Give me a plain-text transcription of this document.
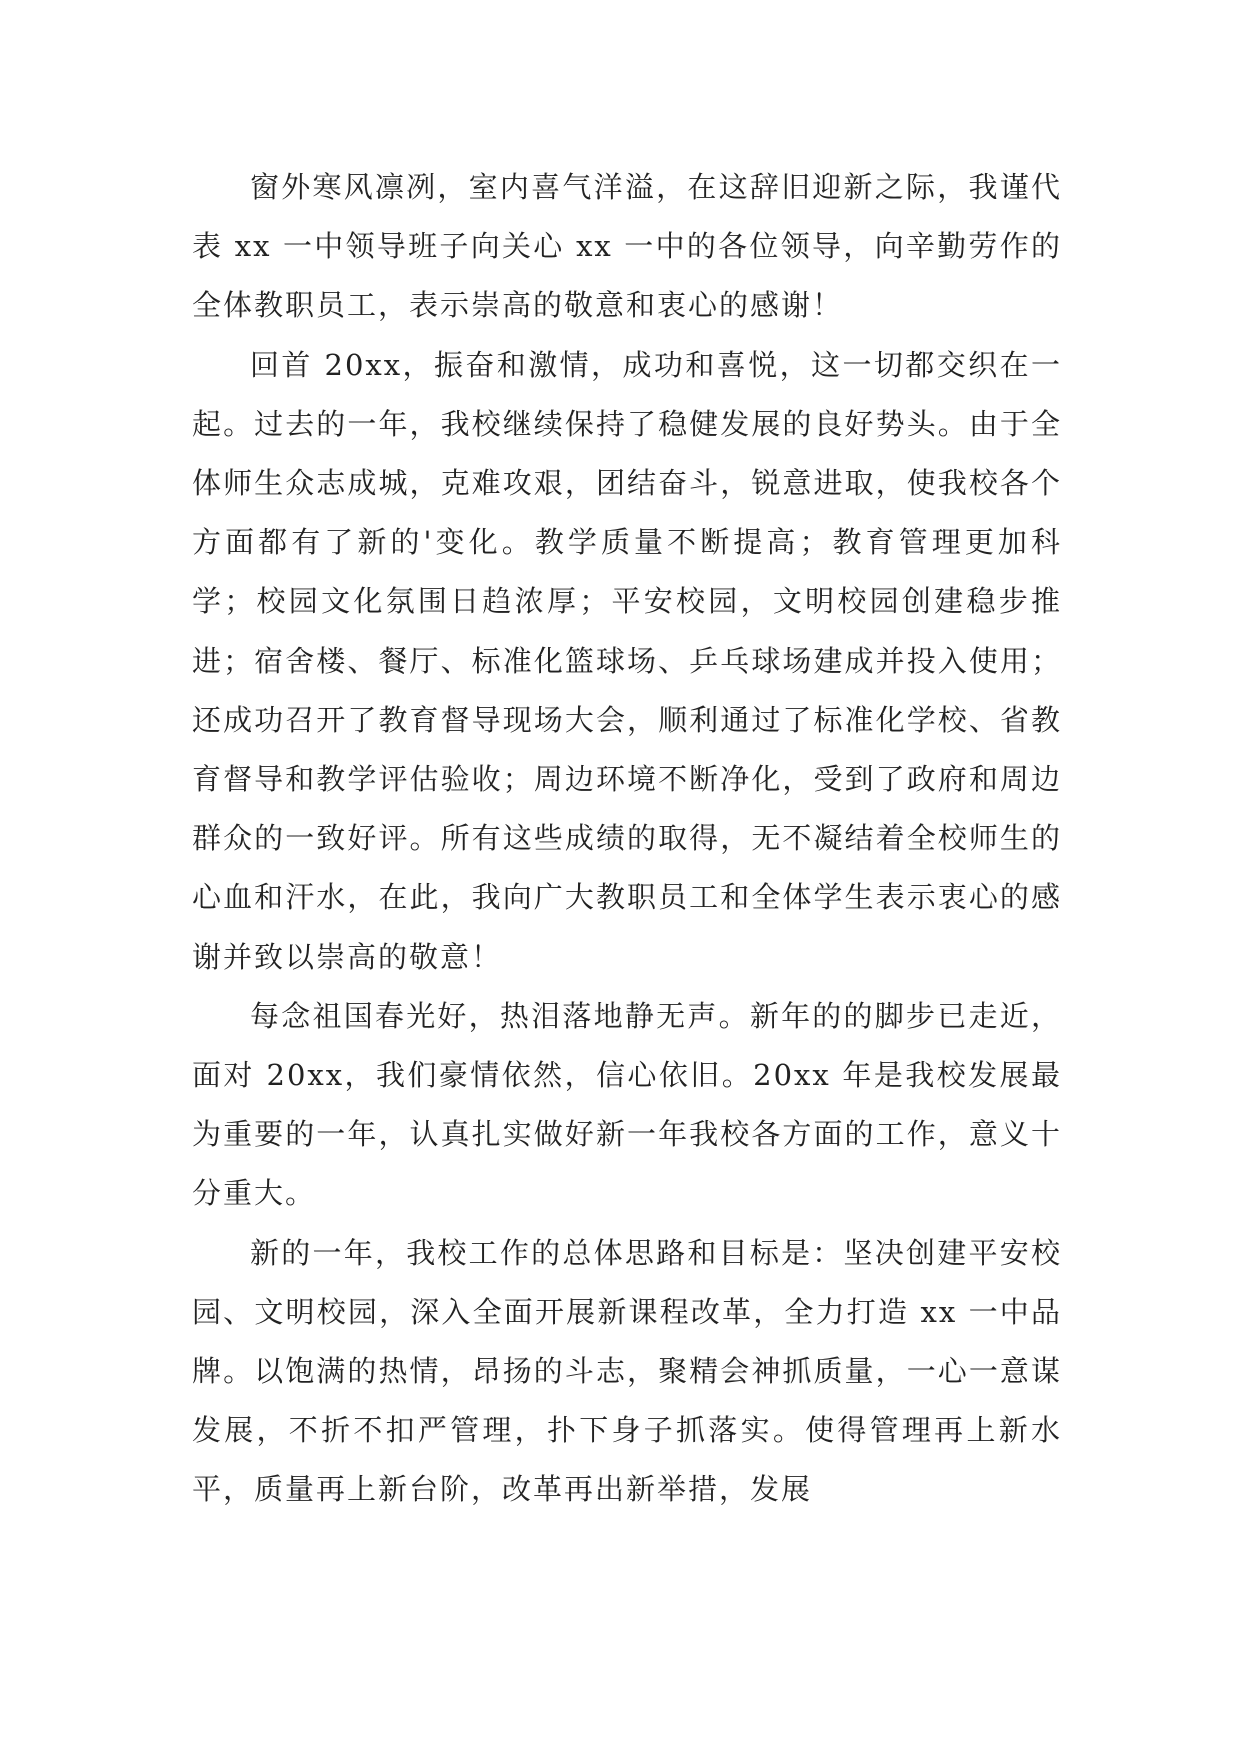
窗外寒风凛冽，室内喜气洋溢，在这辞旧迎新之际，我谨代表 xx 一中领导班子向关心 xx 一中的各位领导，向辛勤劳作的全体教职员工，表示崇高的敬意和衷心的感谢！

回首 20xx，振奋和激情，成功和喜悦，这一切都交织在一起。过去的一年，我校继续保持了稳健发展的良好势头。由于全体师生众志成城，克难攻艰，团结奋斗，锐意进取，使我校各个方面都有了新的'变化。教学质量不断提高；教育管理更加科学；校园文化氛围日趋浓厚；平安校园，文明校园创建稳步推进；宿舍楼、餐厅、标准化篮球场、乒乓球场建成并投入使用；还成功召开了教育督导现场大会，顺利通过了标准化学校、省教育督导和教学评估验收；周边环境不断净化，受到了政府和周边群众的一致好评。所有这些成绩的取得，无不凝结着全校师生的心血和汗水，在此，我向广大教职员工和全体学生表示衷心的感谢并致以崇高的敬意！

每念祖国春光好，热泪落地静无声。新年的的脚步已走近，面对 20xx，我们豪情依然，信心依旧。20xx 年是我校发展最为重要的一年，认真扎实做好新一年我校各方面的工作，意义十分重大。

新的一年，我校工作的总体思路和目标是：坚决创建平安校园、文明校园，深入全面开展新课程改革，全力打造 xx 一中品牌。以饱满的热情，昂扬的斗志，聚精会神抓质量，一心一意谋发展，不折不扣严管理，扑下身子抓落实。使得管理再上新水平，质量再上新台阶，改革再出新举措，发展
